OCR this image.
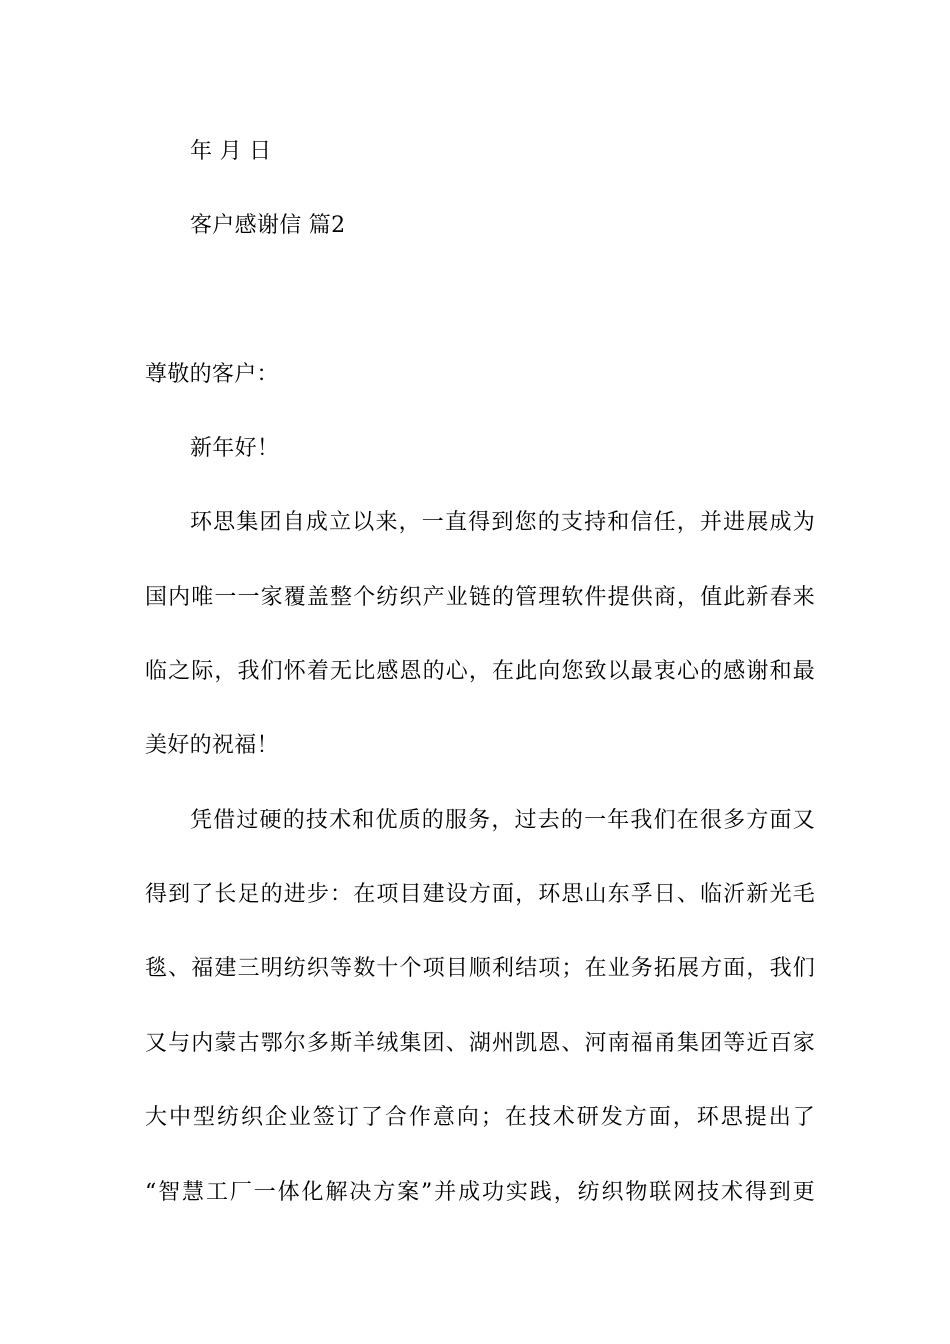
年 月 日
客户感谢信 篇2
尊敬的客户：
新年好！
环思集团自成立以来，一直得到您的支持和信任，并进展成为
国内唯一一家覆盖整个纺织产业链的管理软件提供商，值此新春来
临之际，我们怀着无比感恩的心，在此向您致以最衷心的感谢和最
美好的祝福！
凭借过硬的技术和优质的服务，过去的一年我们在很多方面又
得到了长足的进步：在项目建设方面，环思山东孚日、临沂新光毛
毯、福建三明纺织等数十个项目顺利结项；在业务拓展方面，我们
又与内蒙古鄂尔多斯羊绒集团、湖州凯恩、河南福甬集团等近百家
大中型纺织企业签订了合作意向；在技术研发方面，环思提出了
“智慧工厂一体化解决方案”并成功实践，纺织物联网技术得到更
